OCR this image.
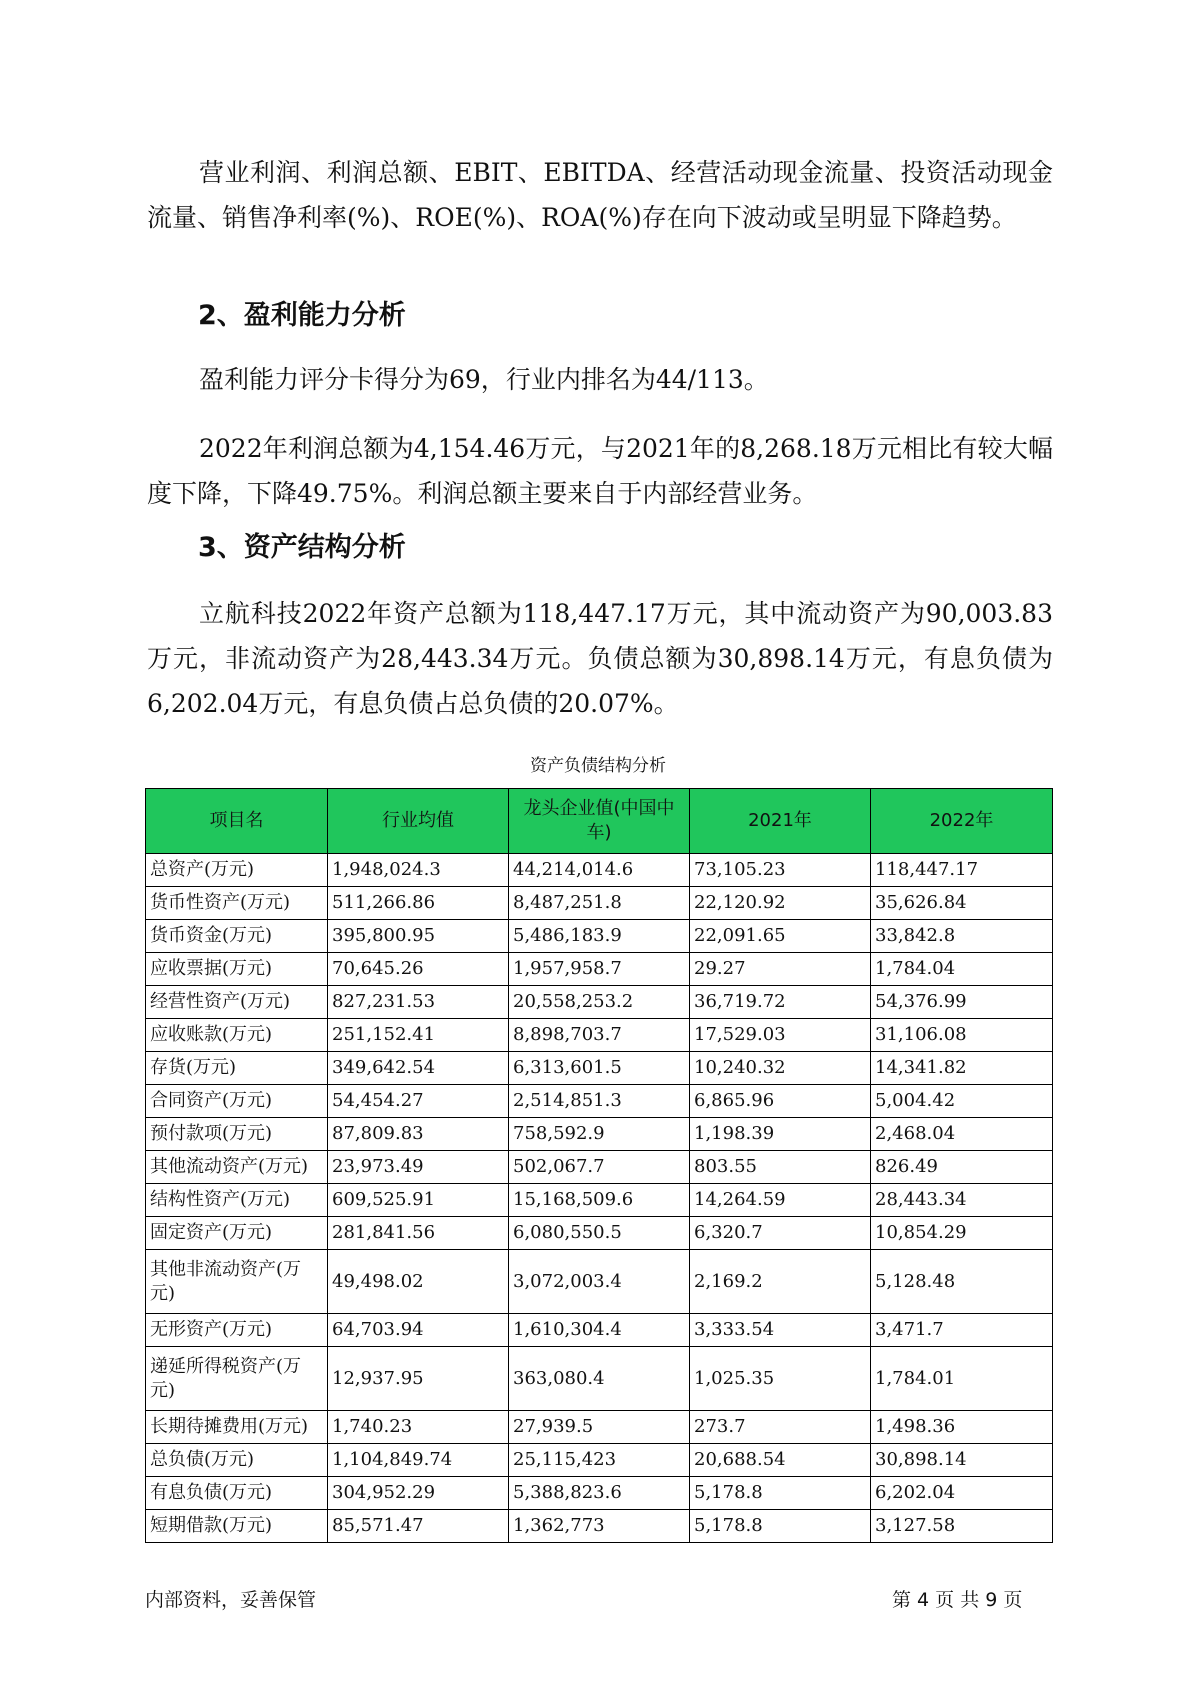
营业利润、利润总额、EBIT、EBITDA、经营活动现金流量、投资活动现金流量、销售净利率(%)、ROE(%)、ROA(%)存在向下波动或呈明显下降趋势。

2、盈利能力分析

盈利能力评分卡得分为69，行业内排名为44/113。

2022年利润总额为4,154.46万元，与2021年的8,268.18万元相比有较大幅度下降，下降49.75%。利润总额主要来自于内部经营业务。

3、资产结构分析

立航科技2022年资产总额为118,447.17万元，其中流动资产为90,003.83万元，非流动资产为28,443.34万元。负债总额为30,898.14万元，有息负债为6,202.04万元，有息负债占总负债的20.07%。

资产负债结构分析
项目名	行业均值	龙头企业值(中国中车)	2021年	2022年
总资产(万元)	1,948,024.3	44,214,014.6	73,105.23	118,447.17
货币性资产(万元)	511,266.86	8,487,251.8	22,120.92	35,626.84
货币资金(万元)	395,800.95	5,486,183.9	22,091.65	33,842.8
应收票据(万元)	70,645.26	1,957,958.7	29.27	1,784.04
经营性资产(万元)	827,231.53	20,558,253.2	36,719.72	54,376.99
应收账款(万元)	251,152.41	8,898,703.7	17,529.03	31,106.08
存货(万元)	349,642.54	6,313,601.5	10,240.32	14,341.82
合同资产(万元)	54,454.27	2,514,851.3	6,865.96	5,004.42
预付款项(万元)	87,809.83	758,592.9	1,198.39	2,468.04
其他流动资产(万元)	23,973.49	502,067.7	803.55	826.49
结构性资产(万元)	609,525.91	15,168,509.6	14,264.59	28,443.34
固定资产(万元)	281,841.56	6,080,550.5	6,320.7	10,854.29
其他非流动资产(万元)	49,498.02	3,072,003.4	2,169.2	5,128.48
无形资产(万元)	64,703.94	1,610,304.4	3,333.54	3,471.7
递延所得税资产(万元)	12,937.95	363,080.4	1,025.35	1,784.01
长期待摊费用(万元)	1,740.23	27,939.5	273.7	1,498.36
总负债(万元)	1,104,849.74	25,115,423	20,688.54	30,898.14
有息负债(万元)	304,952.29	5,388,823.6	5,178.8	6,202.04
短期借款(万元)	85,571.47	1,362,773	5,178.8	3,127.58
内部资料，妥善保管	第 4 页 共 9 页
